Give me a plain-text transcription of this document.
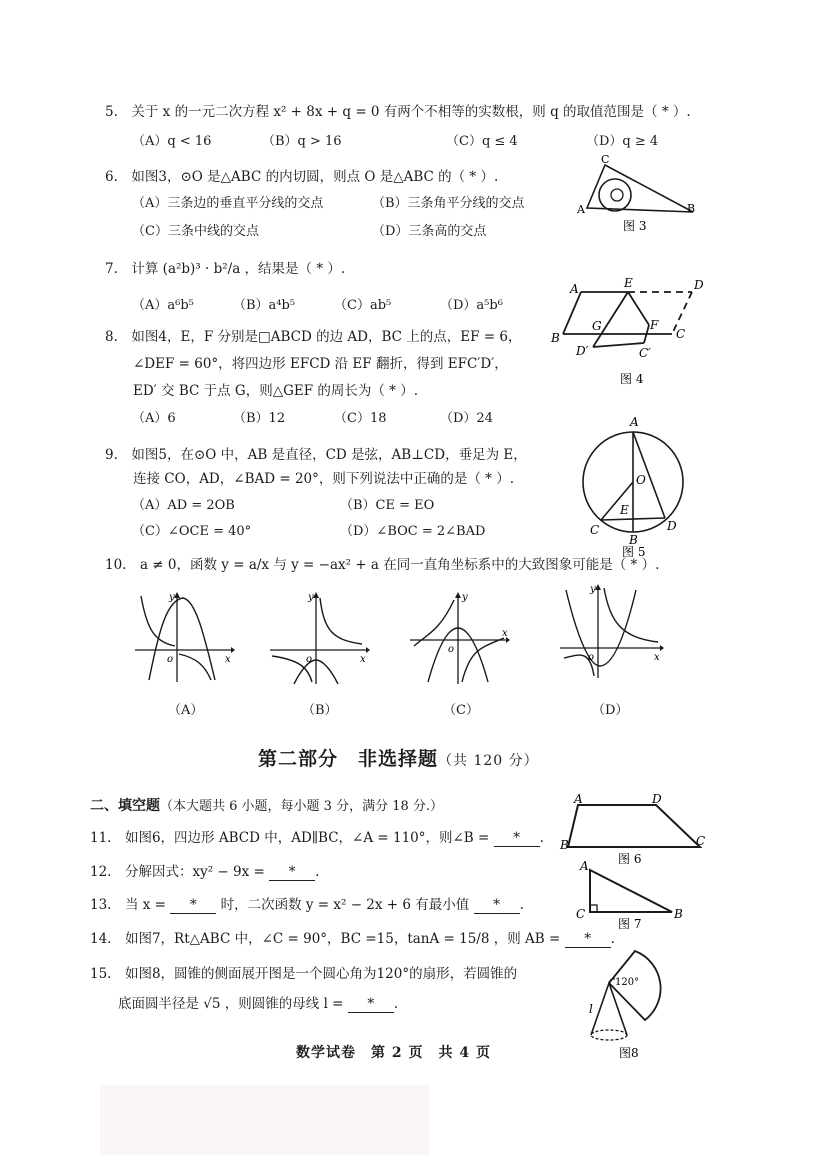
5.　关于 x 的一元二次方程 x² + 8x + q = 0 有两个不相等的实数根，则 q 的取值范围是（ * ）.
（A）q < 16	（B）q > 16	（C）q ≤ 4	（D）q ≥ 4
6.　如图3，⊙O 是△ABC 的内切圆，则点 O 是△ABC 的（ * ）.
（A）三条边的垂直平分线的交点	（B）三条角平分线的交点
（C）三条中线的交点	（D）三条高的交点
C
A	B
图 3
7.　计算 (a²b)³ · b²/a ，结果是（ * ）.
（A）a⁶b⁵	（B）a⁴b⁵	（C）ab⁵	（D）a⁵b⁶
8.　如图4，E，F 分别是□ABCD 的边 AD，BC 上的点，EF = 6，
∠DEF = 60°，将四边形 EFCD 沿 EF 翻折，得到 EFC′D′，
ED′ 交 BC 于点 G，则△GEF 的周长为（ * ）.
（A）6	（B）12	（C）18	（D）24
A	E	D
G	F
B	C
D′	C′
图 4
9.　如图5，在⊙O 中，AB 是直径，CD 是弦，AB⊥CD，垂足为 E，
连接 CO，AD，∠BAD = 20°，则下列说法中正确的是（ * ）.
（A）AD = 2OB	（B）CE = EO
（C）∠OCE = 40°	（D）∠BOC = 2∠BAD
A
O
E
C
B
D
图 5
10.　a ≠ 0，函数 y = a/x 与 y = −ax² + a 在同一直角坐标系中的大致图象可能是（ * ）.
o	x
y
o	x
y
o
x
y
o	x
y
（A）	（B）	（C）	（D）
第二部分　非选择题（共 120 分）
二、填空题（本大题共 6 小题，每小题 3 分，满分 18 分.）
11.　如图6，四边形 ABCD 中，AD∥BC，∠A = 110°，则∠B = * .
A	D
B	C
图 6
12.　分解因式：xy² − 9x = * .
13.　当 x = * 时，二次函数 y = x² − 2x + 6 有最小值 * .
A
C	B
图 7
14.　如图7，Rt△ABC 中，∠C = 90°，BC =15，tanA = 15/8 ，则 AB = * .
15.　如图8，圆锥的侧面展开图是一个圆心角为120°的扇形，若圆锥的
底面圆半径是 √5 ，则圆锥的母线 l = * .
120°
l
图8
数学试卷　第 2 页　共 4 页
